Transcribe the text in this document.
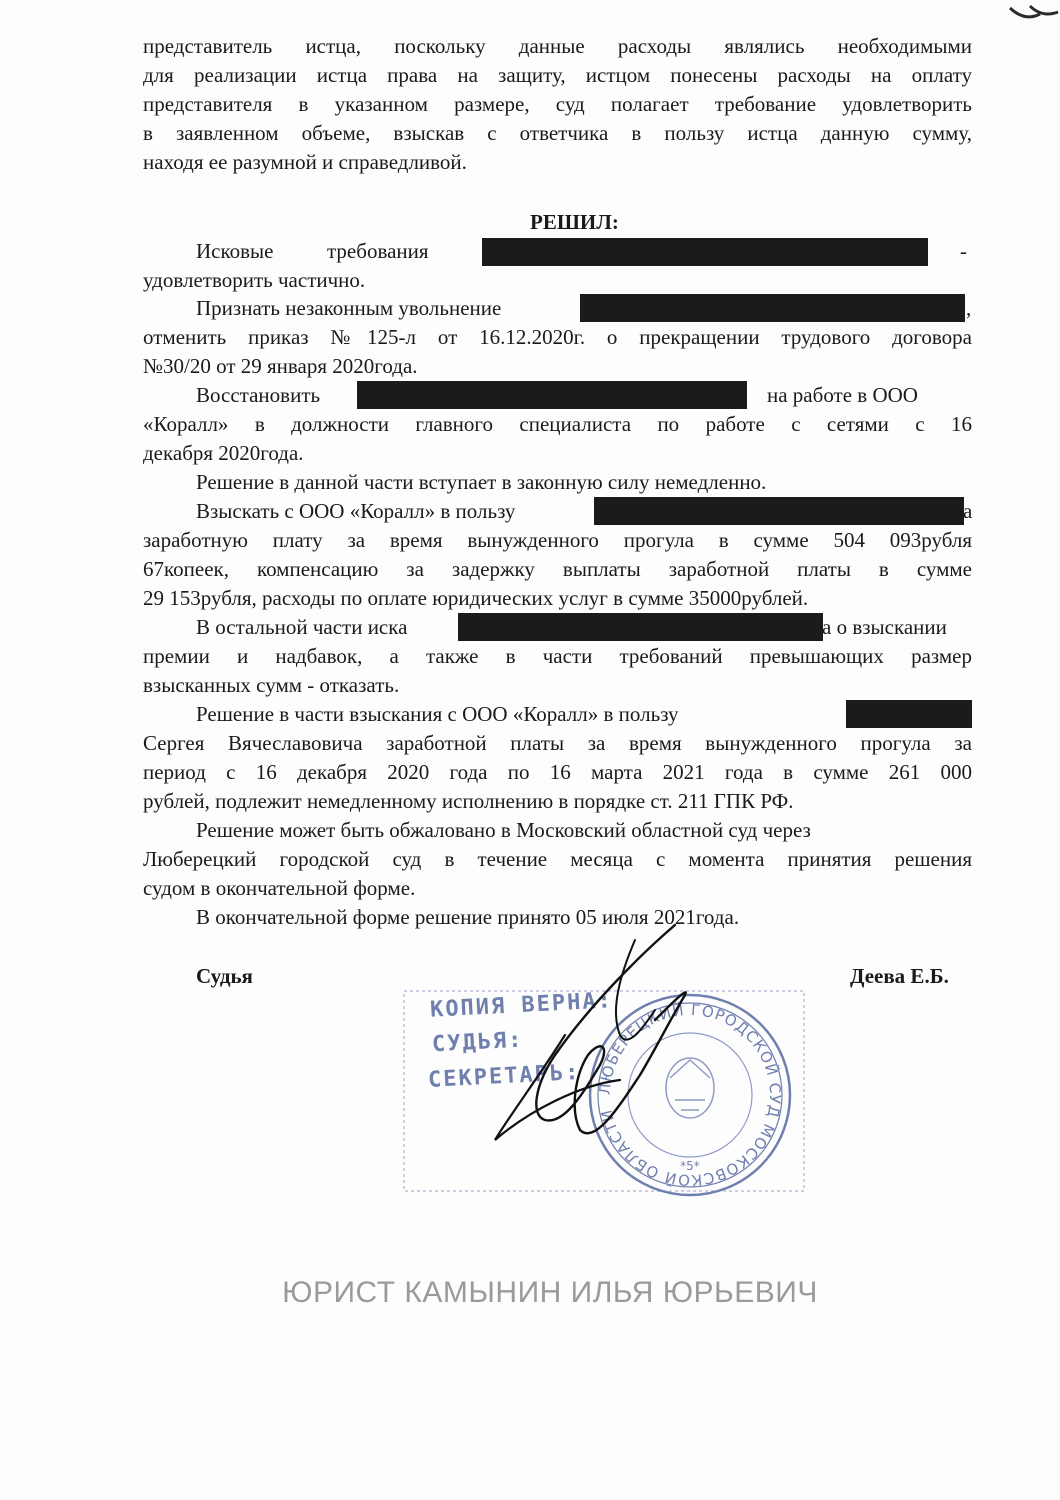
представитель истца, поскольку данные расходы являлись необходимыми
для реализации истца права на защиту, истцом понесены расходы на оплату
представителя в указанном размере, суд полагает требование удовлетворить
в заявленном объеме, взыскав с ответчика в пользу истца данную сумму,
находя ее разумной и справедливой.
РЕШИЛ:
Исковые	требования	-
удовлетворить частично.
Признать незаконным увольнение	,
отменить приказ №125-л от 16.12.2020г. о прекращении трудового договора
№30/20 от 29 января 2020года.
Восстановить	на работе в ООО
«Коралл» в должности главного специалиста по работе с сетями с 16
декабря 2020года.
Решение в данной части вступает в законную силу немедленно.
Взыскать с ООО «Коралл» в пользу	а
заработную плату за время вынужденного прогула в сумме 504 093рубля
67копеек, компенсацию за задержку выплаты заработной платы в сумме
29 153рубля, расходы по оплате юридических услуг в сумме 35000рублей.
В остальной части иска	а о взыскании
премии и надбавок, а также в части требований превышающих размер
взысканных сумм - отказать.
Решение в части взыскания с ООО «Коралл» в пользу
Сергея Вячеславовича заработной платы за время вынужденного прогула за
период с 16 декабря 2020 года по 16 марта 2021 года в сумме 261 000
рублей, подлежит немедленному исполнению в порядке ст. 211 ГПК РФ.
Решение может быть обжаловано в Московский областной суд через
Люберецкий городской суд в течение месяца с момента принятия решения
судом в окончательной форме.
В окончательной форме решение принято 05 июля 2021года.
Судья	Деева Е.Б.
ЛЮБЕРЕЦКИЙ ГОРОДСКОЙ СУД МОСКОВСКОЙ ОБЛАСТИ
*5*
КОПИЯ ВЕРНА:
СУДЬЯ:
СЕКРЕТАРЬ:
ЮРИСТ КАМЫНИН ИЛЬЯ ЮРЬЕВИЧ
